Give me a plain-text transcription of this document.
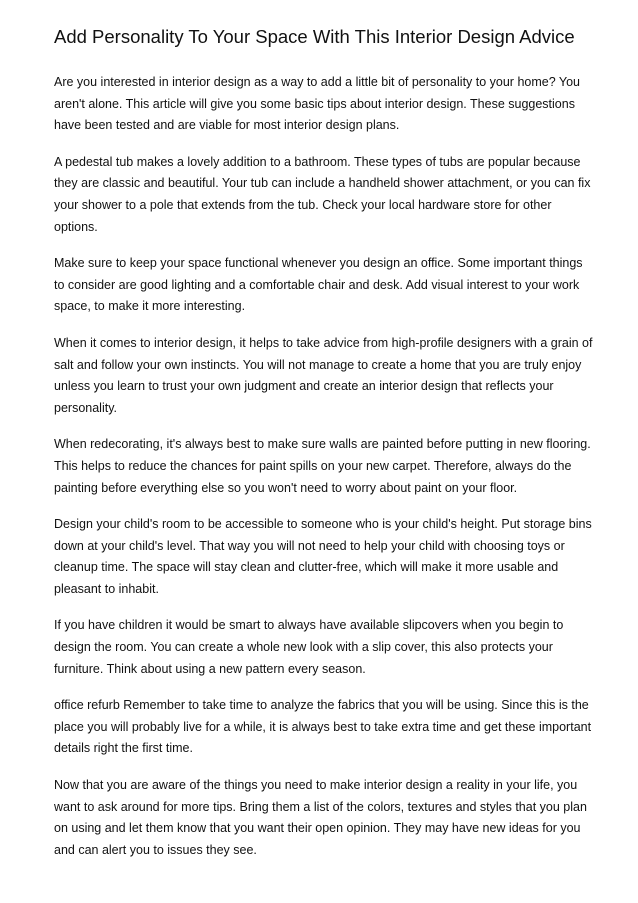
Add Personality To Your Space With This Interior Design Advice

Are you interested in interior design as a way to add a little bit of personality to your home? You aren't alone. This article will give you some basic tips about interior design. These suggestions have been tested and are viable for most interior design plans.

A pedestal tub makes a lovely addition to a bathroom. These types of tubs are popular because they are classic and beautiful. Your tub can include a handheld shower attachment, or you can fix your shower to a pole that extends from the tub. Check your local hardware store for other options.

Make sure to keep your space functional whenever you design an office. Some important things to consider are good lighting and a comfortable chair and desk. Add visual interest to your work space, to make it more interesting.

When it comes to interior design, it helps to take advice from high-profile designers with a grain of salt and follow your own instincts. You will not manage to create a home that you are truly enjoy unless you learn to trust your own judgment and create an interior design that reflects your personality.

When redecorating, it's always best to make sure walls are painted before putting in new flooring. This helps to reduce the chances for paint spills on your new carpet. Therefore, always do the painting before everything else so you won't need to worry about paint on your floor.

Design your child's room to be accessible to someone who is your child's height. Put storage bins down at your child's level. That way you will not need to help your child with choosing toys or cleanup time. The space will stay clean and clutter-free, which will make it more usable and pleasant to inhabit.

If you have children it would be smart to always have available slipcovers when you begin to design the room. You can create a whole new look with a slip cover, this also protects your furniture. Think about using a new pattern every season.

office refurb Remember to take time to analyze the fabrics that you will be using. Since this is the place you will probably live for a while, it is always best to take extra time and get these important details right the first time.

Now that you are aware of the things you need to make interior design a reality in your life, you want to ask around for more tips. Bring them a list of the colors, textures and styles that you plan on using and let them know that you want their open opinion. They may have new ideas for you and can alert you to issues they see.
